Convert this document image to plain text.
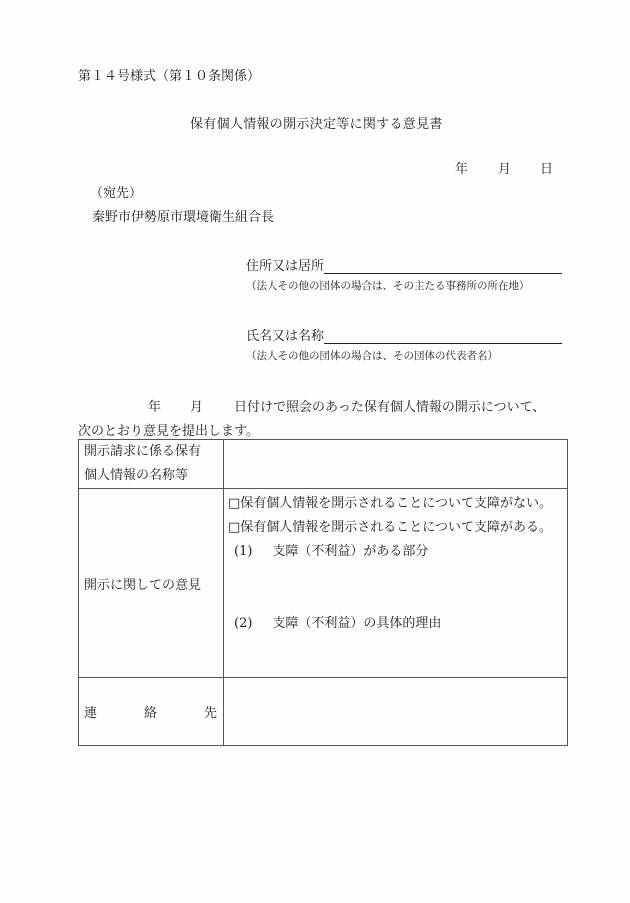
第１４号様式（第１０条関係）
保有個人情報の開示決定等に関する意見書
年 月 日
（宛先）
秦野市伊勢原市環境衛生組合長
住所又は居所
（法人その他の団体の場合は、その主たる事務所の所在地）
氏名又は名称
（法人その他の団体の場合は、その団体の代表者名）
年 月 日付けで照会のあった保有個人情報の開示について、
次のとおり意見を提出します。
開示請求に係る保有
個人情報の名称等	

開示に関しての意見	□保有個人情報を開示されることについて支障がない。
□保有個人情報を開示されることについて支障がある。
(1) 支障（不利益）がある部分
(2) 支障（不利益）の具体的理由

連 絡 先	
